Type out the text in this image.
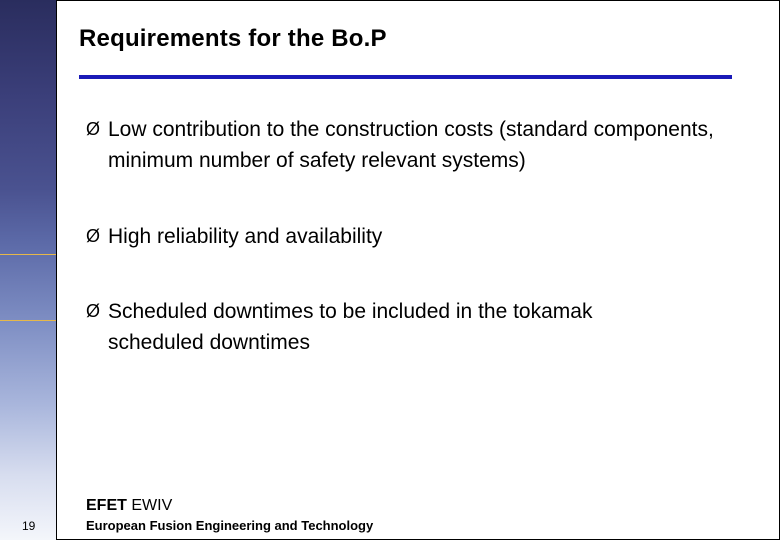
Requirements for the Bo.P
Ø Low contribution to the construction costs (standard components, minimum number of safety relevant systems)
Ø High reliability and availability
Ø Scheduled downtimes to be included in the tokamak scheduled downtimes
EFET EWIV
European Fusion Engineering and Technology
19
